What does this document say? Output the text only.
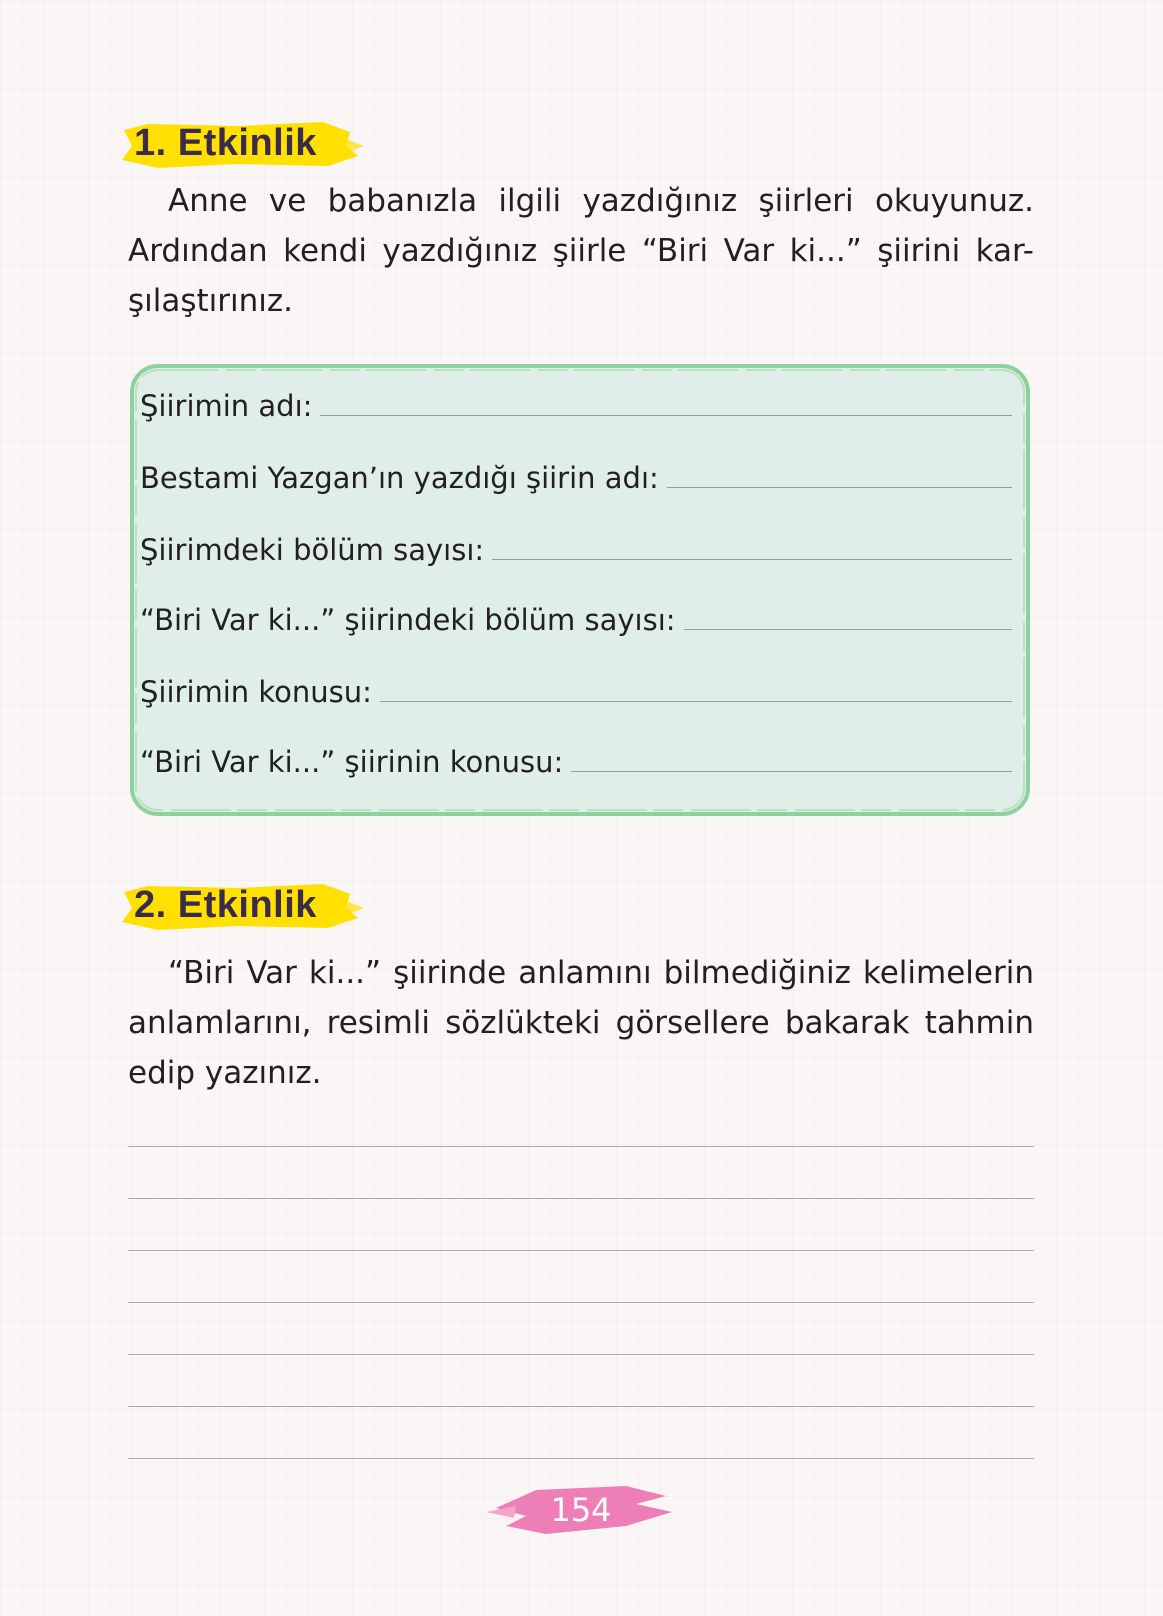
1. Etkinlik

Anne ve babanızla ilgili yazdığınız şiirleri okuyunuz. Ardından kendi yazdığınız şiirle “Biri Var ki...” şiirini kar-şılaştırınız.

Şiirimin adı:
Bestami Yazgan’ın yazdığı şiirin adı:
Şiirimdeki bölüm sayısı:
“Biri Var ki...” şiirindeki bölüm sayısı:
Şiirimin konusu:
“Biri Var ki...” şiirinin konusu:
2. Etkinlik

“Biri Var ki...” şiirinde anlamını bilmediğiniz kelimelerin anlamlarını, resimli sözlükteki görsellere bakarak tahmin edip yazınız.

154
